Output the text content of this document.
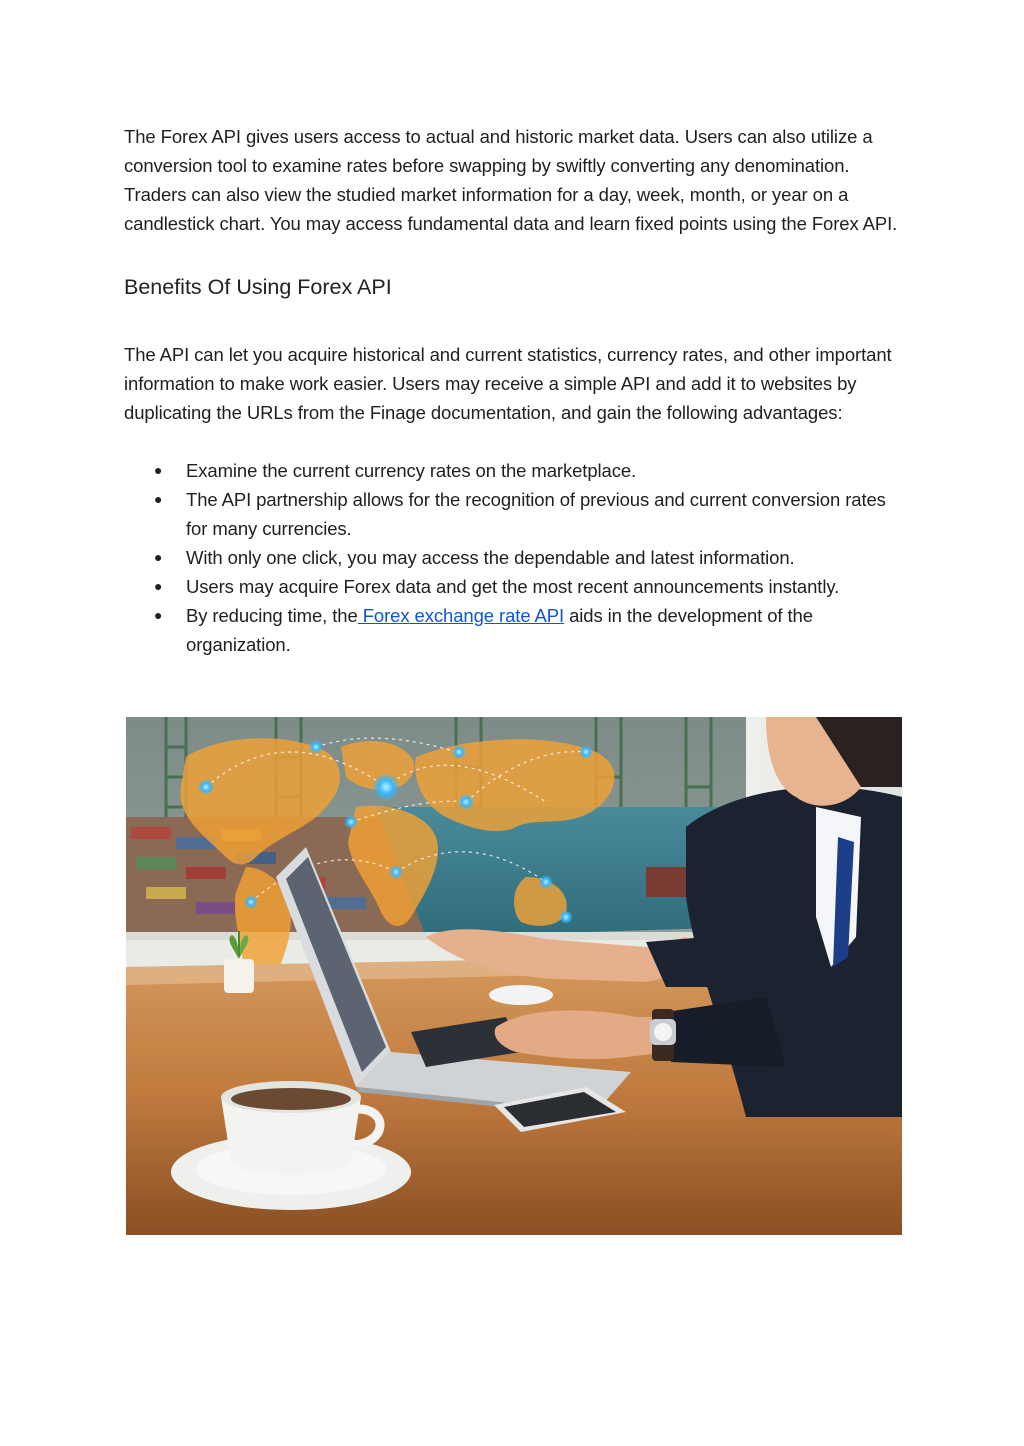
The Forex API gives users access to actual and historic market data. Users can also utilize a conversion tool to examine rates before swapping by swiftly converting any denomination. Traders can also view the studied market information for a day, week, month, or year on a candlestick chart. You may access fundamental data and learn fixed points using the Forex API.

Benefits Of Using Forex API

The API can let you acquire historical and current statistics, currency rates, and other important information to make work easier. Users may receive a simple API and add it to websites by duplicating the URLs from the Finage documentation, and gain the following advantages:

● Examine the current currency rates on the marketplace.
● The API partnership allows for the recognition of previous and current conversion rates for many currencies.
● With only one click, you may access the dependable and latest information.
● Users may acquire Forex data and get the most recent announcements instantly.
● By reducing time, the Forex exchange rate API aids in the development of the organization.
